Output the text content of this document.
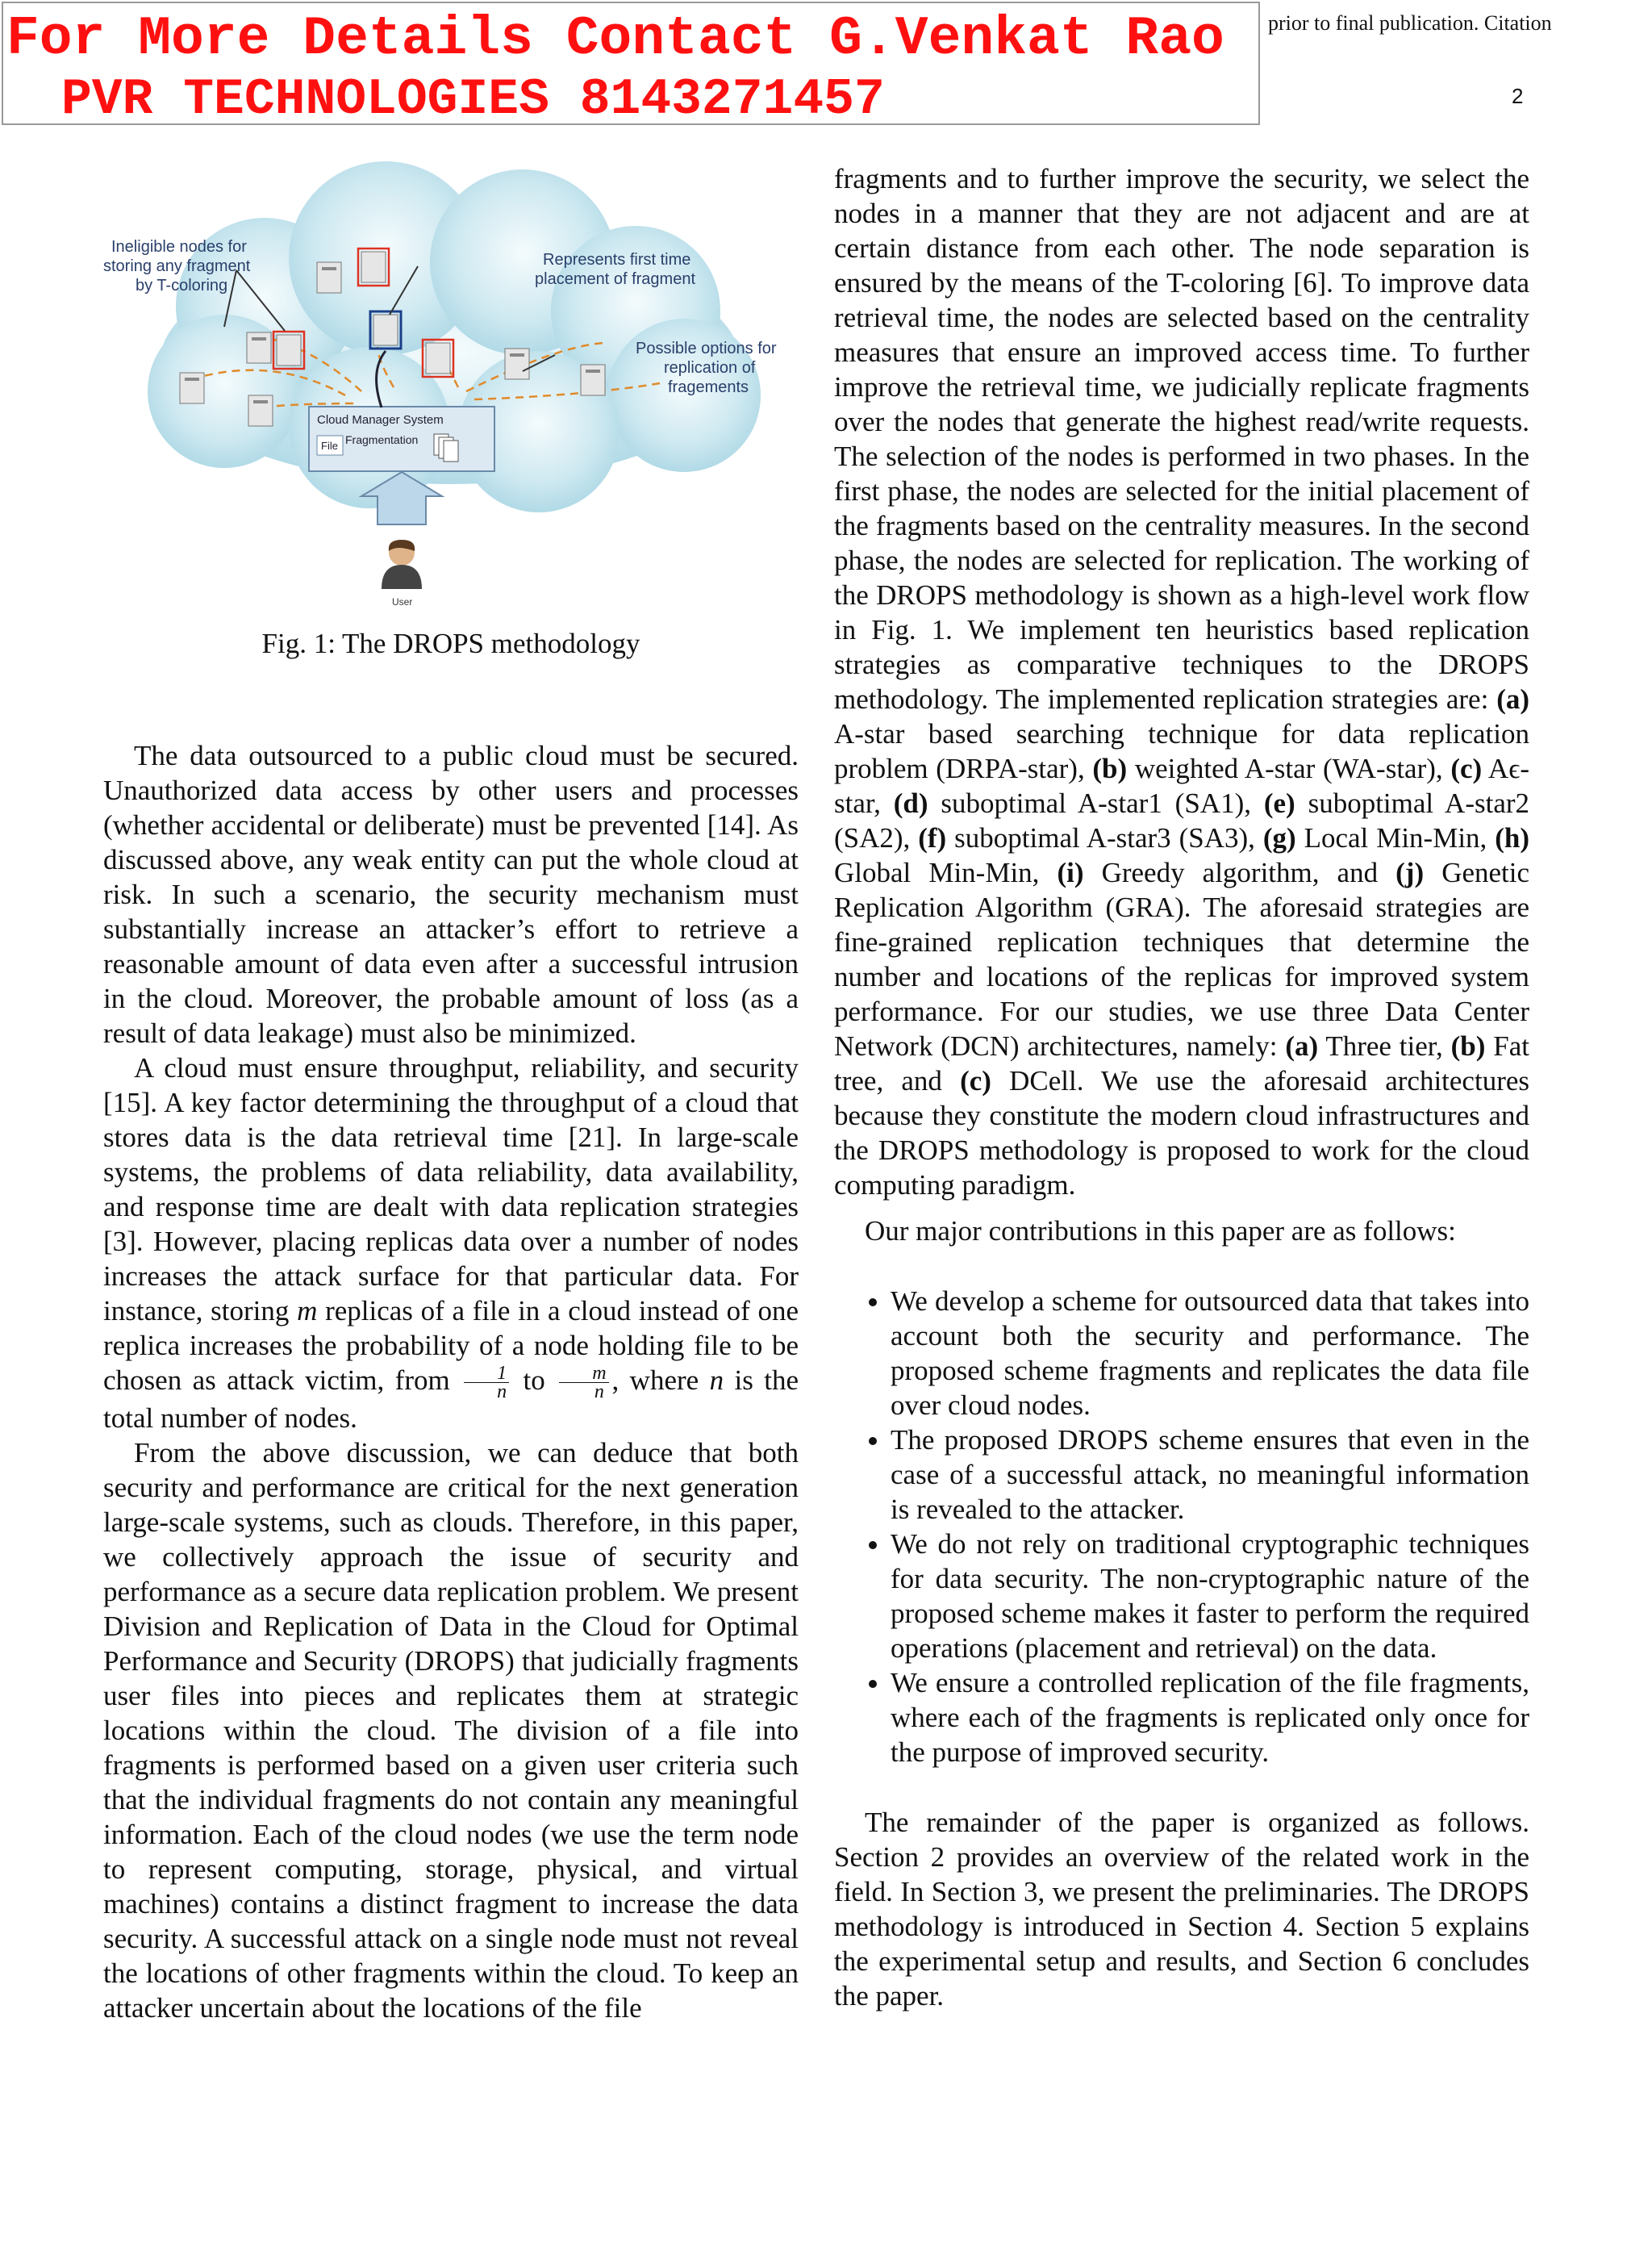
For More Details Contact G.Venkat Rao
PVR TECHNOLOGIES 8143271457
prior to final publication. Citation
2
Cloud Manager System
File Fragmentation
User
Ineligible nodes for
storing any fragment
by T-coloring
Represents first time
placement of fragment
Possible options for
replication of
fragements
Fig. 1: The DROPS methodology

The data outsourced to a public cloud must be secured. Unauthorized data access by other users and processes (whether accidental or deliberate) must be prevented [14]. As discussed above, any weak entity can put the whole cloud at risk. In such a scenario, the security mechanism must substantially increase an attacker’s effort to retrieve a reasonable amount of data even after a successful intrusion in the cloud. Moreover, the probable amount of loss (as a result of data leakage) must also be minimized.

A cloud must ensure throughput, reliability, and security [15]. A key factor determining the throughput of a cloud that stores data is the data retrieval time [21]. In large-scale systems, the problems of data reliability, data availability, and response time are dealt with data replication strategies [3]. However, placing replicas data over a number of nodes increases the attack surface for that particular data. For instance, storing m replicas of a file in a cloud instead of one replica increases the probability of a node holding file to be chosen as attack victim, from $\frac{1}{n}$ to $\frac{m}{n}$ , where n is the total number of nodes.

From the above discussion, we can deduce that both security and performance are critical for the next generation large-scale systems, such as clouds. Therefore, in this paper, we collectively approach the issue of security and performance as a secure data replication problem. We present Division and Replication of Data in the Cloud for Optimal Performance and Security (DROPS) that judicially fragments user files into pieces and replicates them at strategic locations within the cloud. The division of a file into fragments is performed based on a given user criteria such that the individual fragments do not contain any meaningful information. Each of the cloud nodes (we use the term node to represent computing, storage, physical, and virtual machines) contains a distinct fragment to increase the data security. A successful attack on a single node must not reveal the locations of other fragments within the cloud. To keep an attacker uncertain about the locations of the file

fragments and to further improve the security, we select the nodes in a manner that they are not adjacent and are at certain distance from each other. The node separation is ensured by the means of the T-coloring [6]. To improve data retrieval time, the nodes are selected based on the centrality measures that ensure an improved access time. To further improve the retrieval time, we judicially replicate fragments over the nodes that generate the highest read/write requests. The selection of the nodes is performed in two phases. In the first phase, the nodes are selected for the initial placement of the fragments based on the centrality measures. In the second phase, the nodes are selected for replication. The working of the DROPS methodology is shown as a high-level work flow in Fig. 1. We implement ten heuristics based replication strategies as comparative techniques to the DROPS methodology. The implemented replication strategies are: (a) A-star based searching technique for data replication problem (DRPA-star), (b) weighted A-star (WA-star), (c) Aϵ-star, (d) suboptimal A-star1 (SA1), (e) suboptimal A-star2 (SA2), (f) suboptimal A-star3 (SA3), (g) Local Min-Min, (h) Global Min-Min, (i) Greedy algorithm, and (j) Genetic Replication Algorithm (GRA). The aforesaid strategies are fine-grained replication techniques that determine the number and locations of the replicas for improved system performance. For our studies, we use three Data Center Network (DCN) architectures, namely: (a) Three tier, (b) Fat tree, and (c) DCell. We use the aforesaid architectures because they constitute the modern cloud infrastructures and the DROPS methodology is proposed to work for the cloud computing paradigm.

Our major contributions in this paper are as follows:

• We develop a scheme for outsourced data that takes into account both the security and performance. The proposed scheme fragments and replicates the data file over cloud nodes.
• The proposed DROPS scheme ensures that even in the case of a successful attack, no meaningful information is revealed to the attacker.
• We do not rely on traditional cryptographic techniques for data security. The non-cryptographic nature of the proposed scheme makes it faster to perform the required operations (placement and retrieval) on the data.
• We ensure a controlled replication of the file fragments, where each of the fragments is replicated only once for the purpose of improved security.

The remainder of the paper is organized as follows. Section 2 provides an overview of the related work in the field. In Section 3, we present the preliminaries. The DROPS methodology is introduced in Section 4. Section 5 explains the experimental setup and results, and Section 6 concludes the paper.
